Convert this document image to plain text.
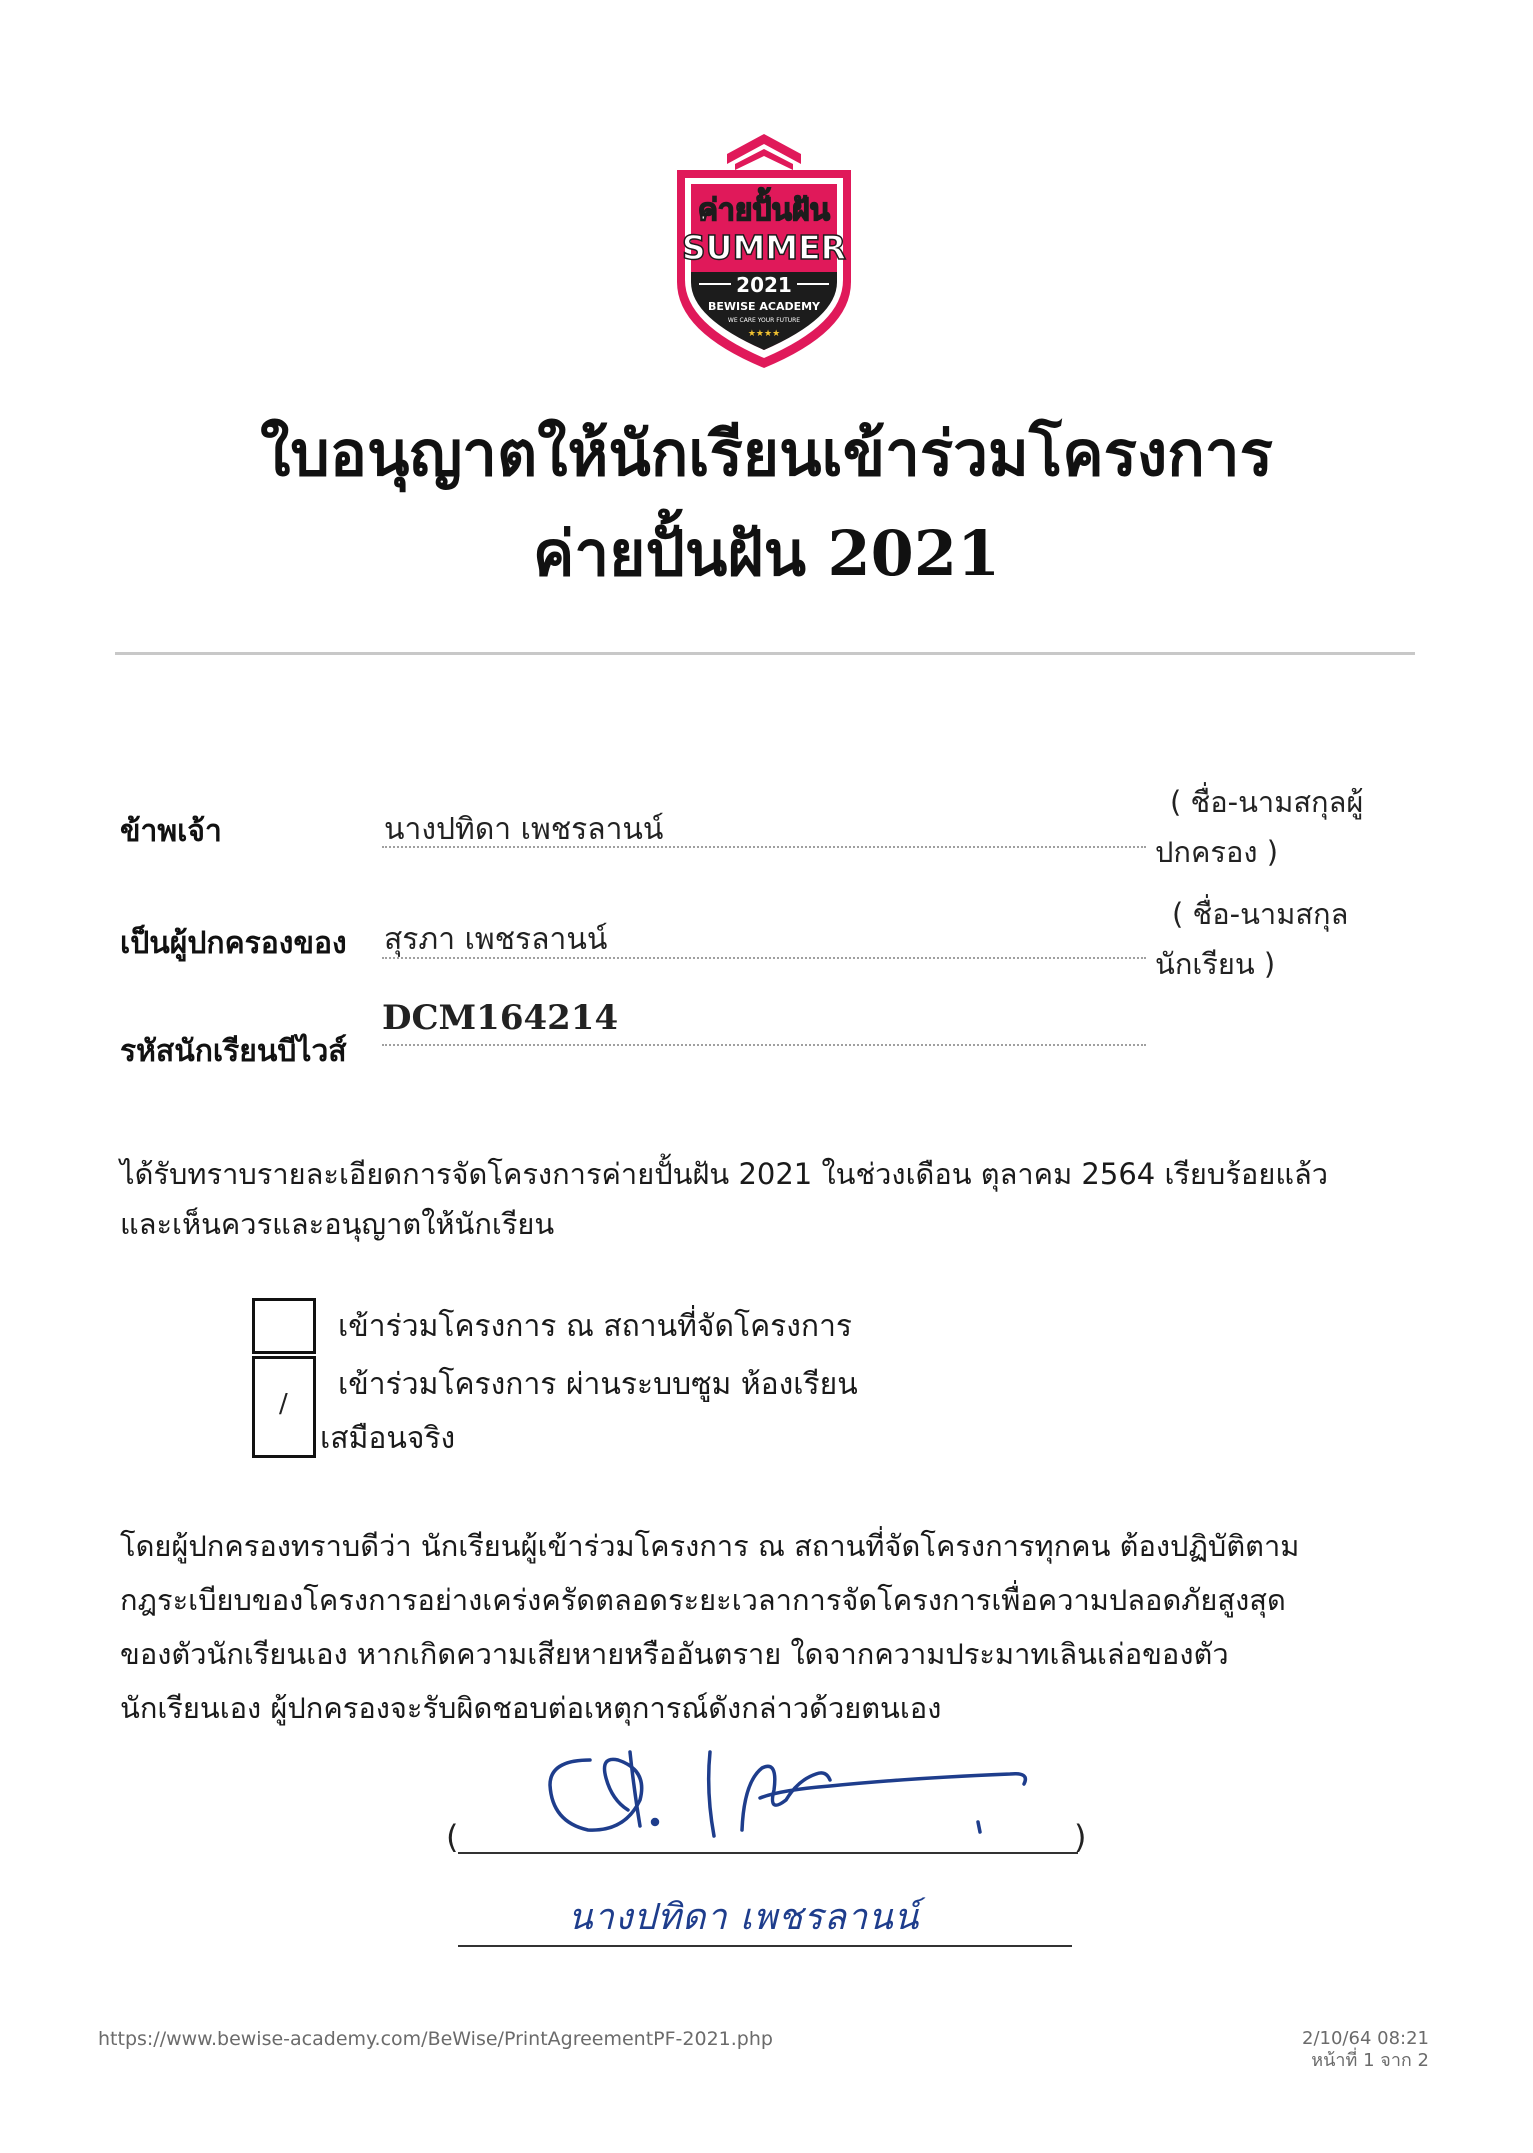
ค่ายปั้นฝัน
SUMMER
2021
BEWISE ACADEMY
WE CARE YOUR FUTURE
★★★★
ใบอนุญาตให้นักเรียนเข้าร่วมโครงการ
ค่ายปั้นฝัน 2021
ข้าพเจ้า	นางปทิดา เพชรลานน์
( ชื่อ-นามสกุลผู้
ปกครอง )
เป็นผู้ปกครองของ สุรภา เพชรลานน์
( ชื่อ-นามสกุล
นักเรียน )
รหัสนักเรียนบีไวส์
DCM164214
ได้รับทราบรายละเอียดการจัดโครงการค่ายปั้นฝัน 2021 ในช่วงเดือน ตุลาคม 2564 เรียบร้อยแล้ว
และเห็นควรและอนุญาตให้นักเรียน
เข้าร่วมโครงการ ณ สถานที่จัดโครงการ
/
เข้าร่วมโครงการ ผ่านระบบซูม ห้องเรียน
เสมือนจริง
โดยผู้ปกครองทราบดีว่า นักเรียนผู้เข้าร่วมโครงการ ณ สถานที่จัดโครงการทุกคน ต้องปฏิบัติตาม
กฎระเบียบของโครงการอย่างเคร่งครัดตลอดระยะเวลาการจัดโครงการเพื่อความปลอดภัยสูงสุด
ของตัวนักเรียนเอง หากเกิดความเสียหายหรืออันตราย ใดจากความประมาทเลินเล่อของตัว
นักเรียนเอง ผู้ปกครองจะรับผิดชอบต่อเหตุการณ์ดังกล่าวด้วยตนเอง
(	)
นางปทิดา เพชรลานน์
https://www.bewise-academy.com/BeWise/PrintAgreementPF-2021.php	2/10/64 08:21
หน้าที่ 1 จาก 2
